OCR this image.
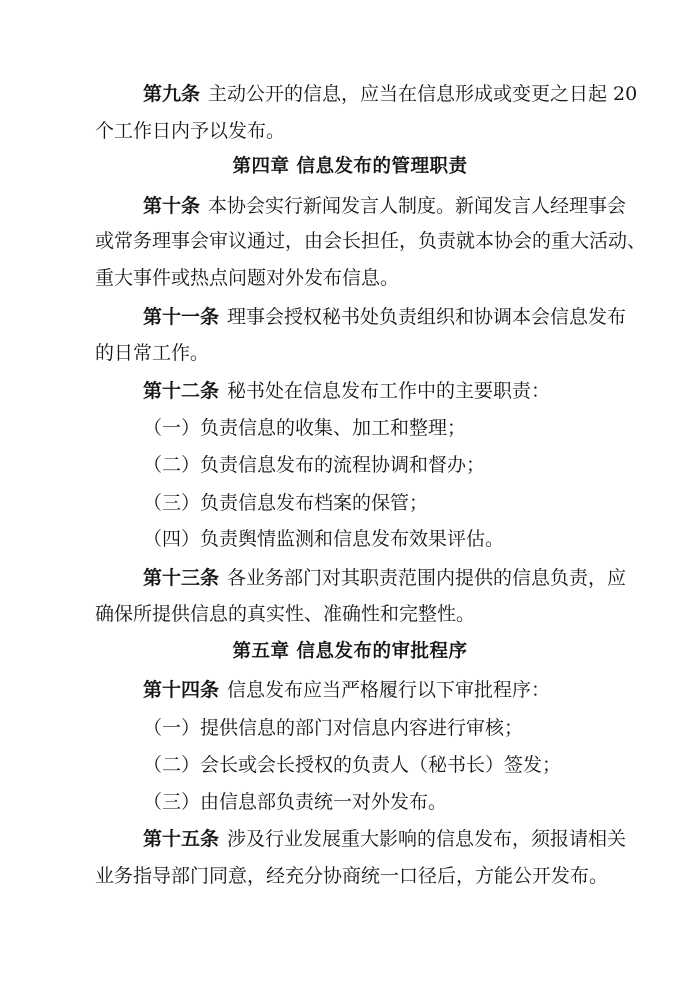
第九条 主动公开的信息，应当在信息形成或变更之日起 20
个工作日内予以发布。
第四章 信息发布的管理职责
第十条 本协会实行新闻发言人制度。新闻发言人经理事会
或常务理事会审议通过，由会长担任，负责就本协会的重大活动、
重大事件或热点问题对外发布信息。
第十一条 理事会授权秘书处负责组织和协调本会信息发布
的日常工作。
第十二条 秘书处在信息发布工作中的主要职责：
（一）负责信息的收集、加工和整理；
（二）负责信息发布的流程协调和督办；
（三）负责信息发布档案的保管；
（四）负责舆情监测和信息发布效果评估。
第十三条 各业务部门对其职责范围内提供的信息负责，应
确保所提供信息的真实性、准确性和完整性。
第五章 信息发布的审批程序
第十四条 信息发布应当严格履行以下审批程序：
（一）提供信息的部门对信息内容进行审核；
（二）会长或会长授权的负责人（秘书长）签发；
（三）由信息部负责统一对外发布。
第十五条 涉及行业发展重大影响的信息发布，须报请相关
业务指导部门同意，经充分协商统一口径后，方能公开发布。
